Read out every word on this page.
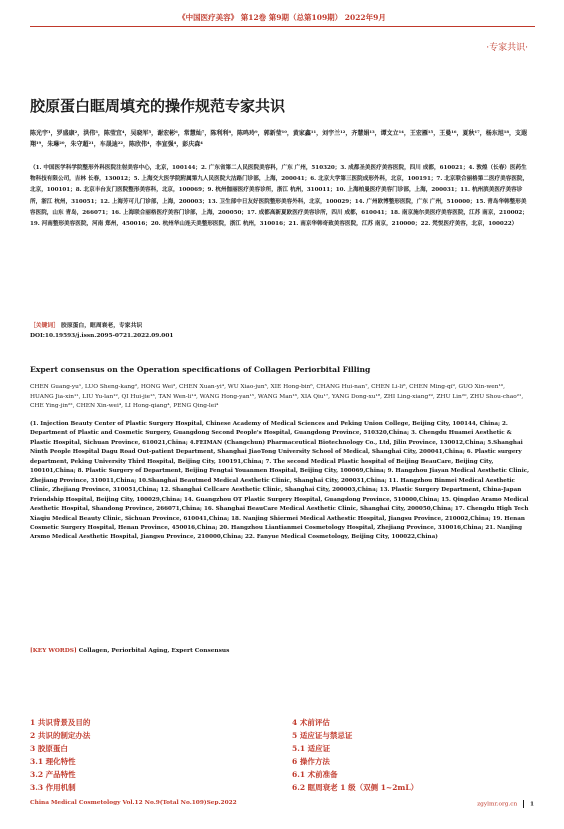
《中国医疗美容》 第12卷 第9期（总第109期） 2022年9月
·专家共识·
胶原蛋白眶周填充的操作规范专家共识
陈光宇¹，罗盛康²，洪伟³，陈莹宜⁴，吴晓军⁵，谢宏彬⁶，常慧灿⁷，陈利利⁸，陈鸣玲⁹，郭新莹¹⁰，黄家鑫¹¹，刘宇兰¹²，齐慧娟¹³，谭文立¹⁴，王宏雁¹⁵，王曼¹⁶，夏秋¹⁷，杨东旭¹⁸，支遐翔¹⁹，朱琳²⁰，朱守超²¹，车晟迪²²，陈欣伟⁴，李宣强⁴，彭庆森⁴
（1. 中国医学科学院整形外科医院注射美容中心，北京，100144；2. 广东省第二人民医院美容科，广东 广州，510320；3. 成都圣美医疗美容医院，四川 成都，610021；4. 敦煌（长春）医药生物科技有限公司，吉林 长春，130012；5. 上海交大医学院附属第九人民医院大沽路门诊部，上海，200041；6. 北京大学第三医院成形外科，北京，100191；7. 北京联合丽格第二医疗美容医院，北京，100101；8. 北京丰台友门医院整形美容科，北京，100069；9. 杭州伽丽医疗美容诊所，浙江 杭州，310011；10. 上海柏曼医疗美容门诊部，上海，200031；11. 杭州滨美医疗美容诊所，浙江 杭州，310051；12. 上海芳可儿门诊部，上海，200003；13. 卫生部中日友好医院整形美容外科，北京，100029；14. 广州欧博整形医院，广东 广州，510000；15. 青岛华韩整形美容医院，山东 青岛，266071；16. 上海联合丽格医疗美容门诊部，上海，200050；17. 成都高新夏欧医疗美容诊所，四川 成都，610041；18. 南京施尔美医疗美容医院，江苏 南京，210002；19. 河南整形美容医院，河南 郑州，450016；20. 杭州华山连天美整形医院，浙江 杭州，310016；21. 南京华韩奇致美容医院，江苏 南京，210000；22. 梵悦医疗美容，北京，100022）
［关键词］ 胶原蛋白，眶周衰老，专家共识
DOI:10.19593/j.issn.2095-0721.2022.09.001
Expert consensus on the Operation specifications of Collagen Periorbital Filling
CHEN Guang-yu¹, LUO Sheng-kang², HONG Wei³, CHEN Xuan-yi⁴, WU Xiao-jun⁵, XIE Hong-bin⁶, CHANG Hui-nan⁷, CHEN Li-li⁸, CHEN Ming-qi⁹, GUO Xin-wen¹⁰, HUANG Jia-xin¹¹, LIU Yu-lan¹², QI Hui-jie¹³, TAN Wen-li¹⁴, WANG Hong-yan¹⁵, WANG Man¹⁶, XIA Qiu¹⁷, YANG Dong-xu¹⁸, ZHI Ling-xiang¹⁹, ZHU Lin²⁰, ZHU Shou-chao²¹, CHE Ying-jin²², CHEN Xin-wei⁴, LI Hong-qiang⁴, PENG Qing-lei⁴
(1. Injection Beauty Center of Plastic Surgery Hospital, Chinese Academy of Medical Sciences and Peking Union College, Beijing City, 100144, China; 2. Department of Plastic and Cosmetic Surgery, Guangdong Second People's Hospital, Guangdong Province, 510320,China; 3. Chengdu Huamei Aesthetic & Plastic Hospital, Sichuan Province, 610021,China; 4.FEIMAN (Changchun) Pharmaceutical Biotechnology Co., Ltd, Jilin Province, 130012,China; 5.Shanghai Ninth People Hospital Dagu Road Out-patient Department, Shanghai JiaoTong University School of Medical, Shanghai City, 200041,China; 6. Plastic surgery department, Peking University Third Hospital, Beijing City, 100191,China; 7. The second Medical Plastic hospital of Beijing BeauCare, Beijing City, 100101,China; 8. Plastic Surgery of Department, Beijing Fengtai Youanmen Hospital, Beijing City, 100069,China; 9. Hangzhou Jiayan Medical Aesthetic Clinic, Zhejiang Province, 310011,China; 10.Shanghai Beautmed Medical Aesthetic Clinic, Shanghai City, 200031,China; 11. Hangzhou Binmei Medical Aesthetic Clinic, Zhejiang Province, 310051,China; 12. Shanghai Cellcare Aesthetic Clinic, Shanghai City, 200003,China; 13. Plastic Surgery Department, China-Japan Friendship Hospital, Beijing City, 100029,China; 14. Guangzhou OT Plastic Surgery Hospital, Guangdong Province, 510000,China; 15. Qingdao Aramo Medical Aesthetic Hospital, Shandong Province, 266071,China; 16. Shanghai BeauCare Medical Aesthetic Clinic, Shanghai City, 200050,China; 17. Chengdu High Tech Xiaqiu Medical Beauty Clinic, Sichuan Province, 610041,China; 18. Nanjing Shiermei Medical Asthestic Hospital, Jiangsu Province, 210002,China; 19. Henan Cosmetic Surgery Hospital, Henan Province, 450016,China; 20. Hangzhou Liantianmei Cosmetology Hospital, Zhejiang Province, 310016,China; 21. Nanjing Arsmo Medical Aesthetic Hospital, Jiangsu Province, 210000,China; 22. Fanyue Medical Cosmetology, Beijing City, 100022,China)
[KEY WORDS] Collagen, Periorbital Aging, Expert Consensus
1 共识背景及目的
2 共识的制定办法
3 胶原蛋白
3.1 理化特性
3.2 产品特性
3.3 作用机制
4 术前评估
5 适应证与禁忌证
5.1 适应证
6 操作方法
6.1 术前准备
6.2 眶周衰老 1 级（双侧 1~2mL）
China Medical Cosmetology Vol.12 No.9(Total No.109)Sep.2022	zgylmr.org.cn 1
